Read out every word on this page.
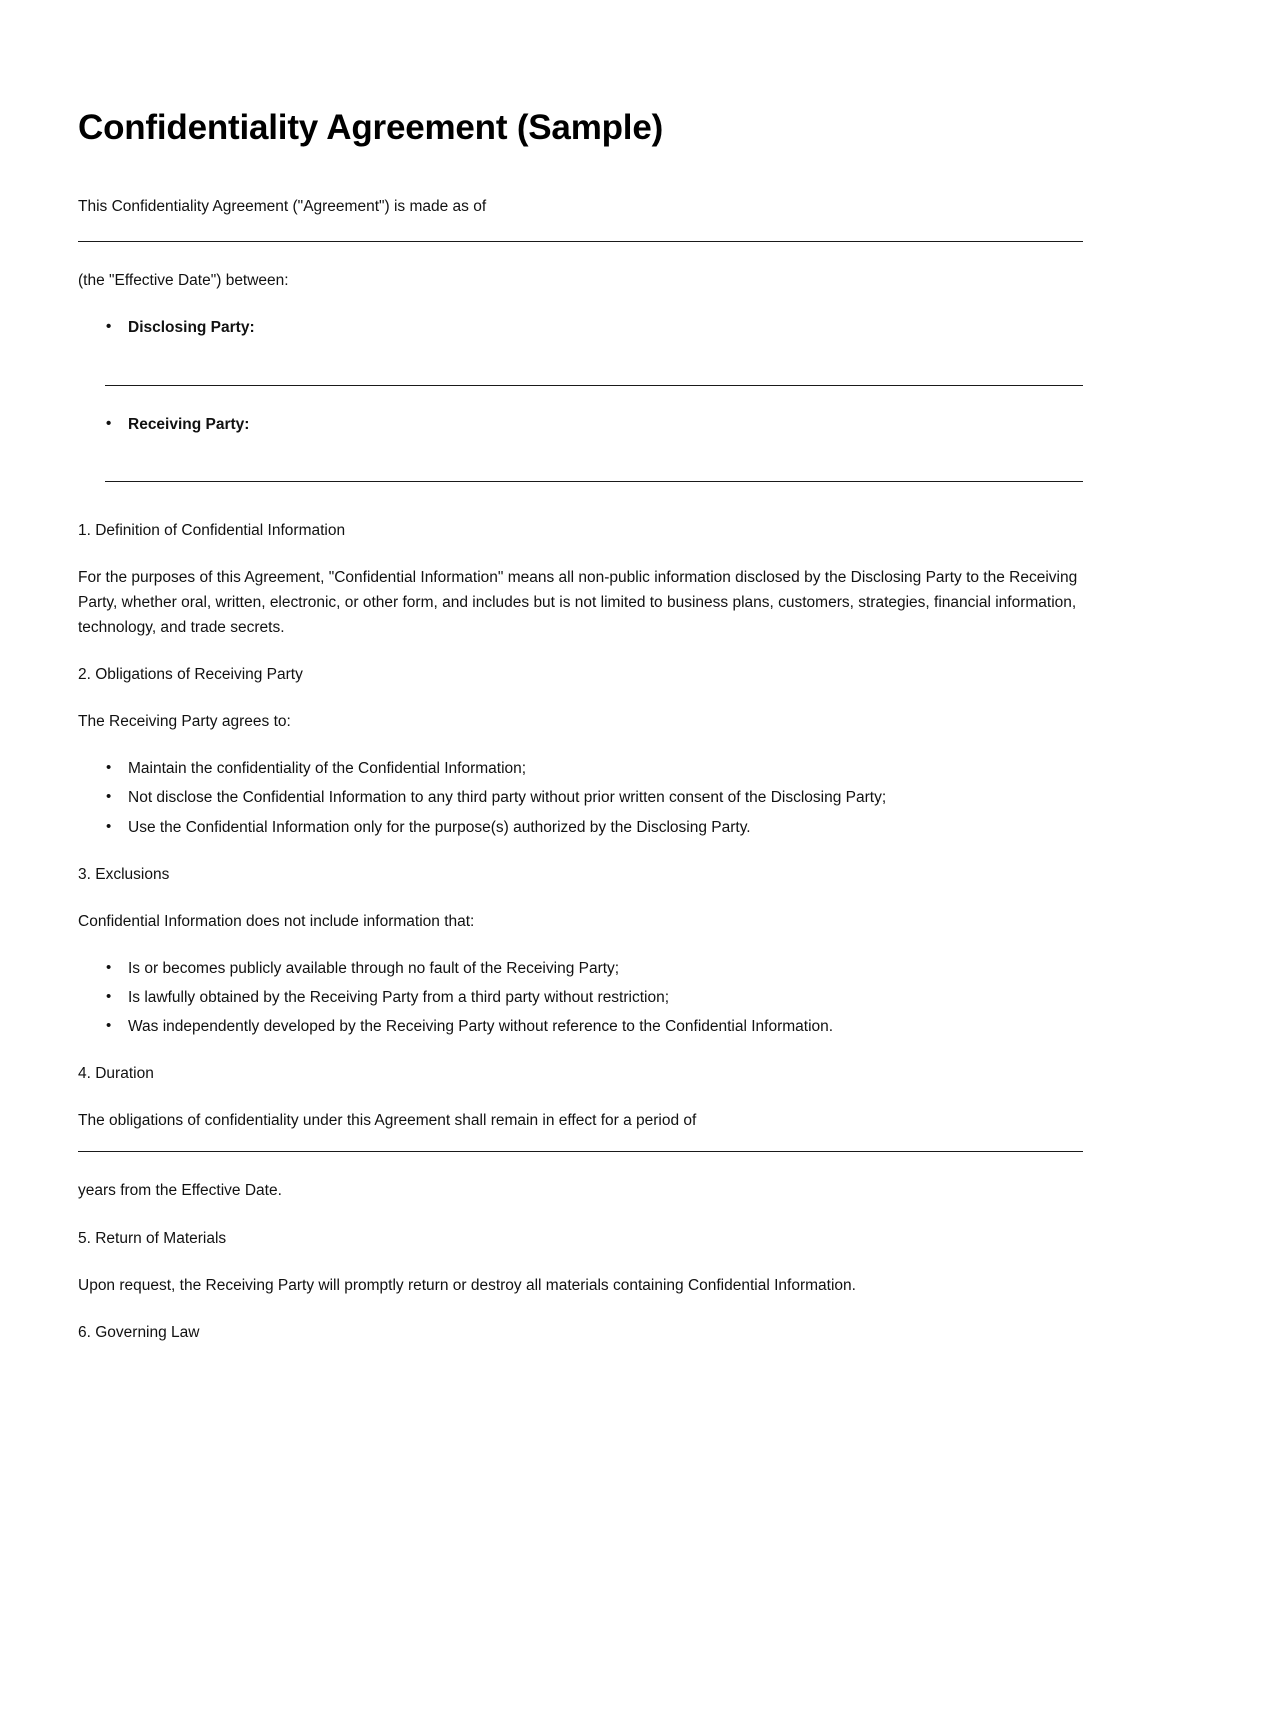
Confidentiality Agreement (Sample)

This Confidentiality Agreement ("Agreement") is made as of

(the "Effective Date") between:

• Disclosing Party:
• Receiving Party:

1. Definition of Confidential Information

For the purposes of this Agreement, "Confidential Information" means all non-public information disclosed by the Disclosing Party to the Receiving Party, whether oral, written, electronic, or other form, and includes but is not limited to business plans, customers, strategies, financial information, technology, and trade secrets.

2. Obligations of Receiving Party

The Receiving Party agrees to:

• Maintain the confidentiality of the Confidential Information;
• Not disclose the Confidential Information to any third party without prior written consent of the Disclosing Party;
• Use the Confidential Information only for the purpose(s) authorized by the Disclosing Party.

3. Exclusions

Confidential Information does not include information that:

• Is or becomes publicly available through no fault of the Receiving Party;
• Is lawfully obtained by the Receiving Party from a third party without restriction;
• Was independently developed by the Receiving Party without reference to the Confidential Information.

4. Duration

The obligations of confidentiality under this Agreement shall remain in effect for a period of

years from the Effective Date.

5. Return of Materials

Upon request, the Receiving Party will promptly return or destroy all materials containing Confidential Information.

6. Governing Law
